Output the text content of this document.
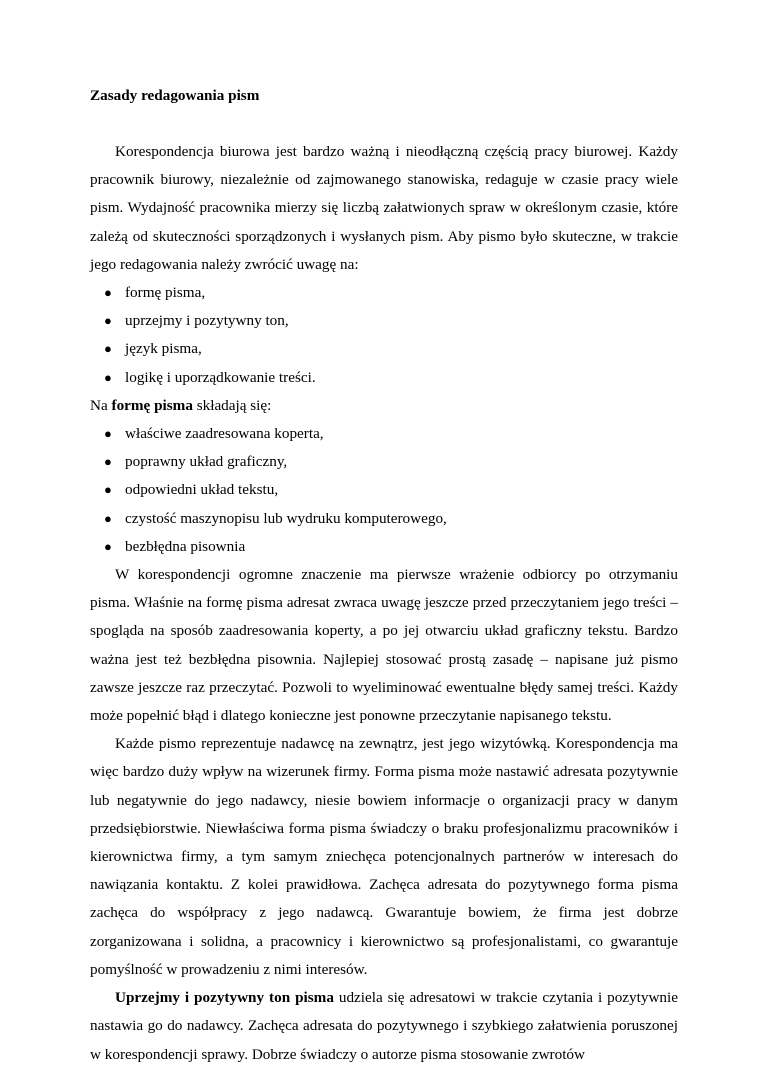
Zasady redagowania pism

Korespondencja biurowa jest bardzo ważną i nieodłączną częścią pracy biurowej. Każdy pracownik biurowy, niezależnie od zajmowanego stanowiska, redaguje w czasie pracy wiele pism. Wydajność pracownika mierzy się liczbą załatwionych spraw w określonym czasie, które zależą od skuteczności sporządzonych i wysłanych pism. Aby pismo było skuteczne, w trakcie jego redagowania należy zwrócić uwagę na:

● formę pisma,
● uprzejmy i pozytywny ton,
● język pisma,
● logikę i uporządkowanie treści.

Na formę pisma składają się:

● właściwe zaadresowana koperta,
● poprawny układ graficzny,
● odpowiedni układ tekstu,
● czystość maszynopisu lub wydruku komputerowego,
● bezbłędna pisownia

W korespondencji ogromne znaczenie ma pierwsze wrażenie odbiorcy po otrzymaniu pisma. Właśnie na formę pisma adresat zwraca uwagę jeszcze przed przeczytaniem jego treści – spogląda na sposób zaadresowania koperty, a po jej otwarciu układ graficzny tekstu. Bardzo ważna jest też bezbłędna pisownia. Najlepiej stosować prostą zasadę – napisane już pismo zawsze jeszcze raz przeczytać. Pozwoli to wyeliminować ewentualne błędy samej treści. Każdy może popełnić błąd i dlatego konieczne jest ponowne przeczytanie napisanego tekstu.

Każde pismo reprezentuje nadawcę na zewnątrz, jest jego wizytówką. Korespondencja ma więc bardzo duży wpływ na wizerunek firmy. Forma pisma może nastawić adresata pozytywnie lub negatywnie do jego nadawcy, niesie bowiem informacje o organizacji pracy w danym przedsiębiorstwie. Niewłaściwa forma pisma świadczy o braku profesjonalizmu pracowników i kierownictwa firmy, a tym samym zniechęca potencjonalnych partnerów w interesach do nawiązania kontaktu. Z kolei prawidłowa. Zachęca adresata do pozytywnego forma pisma zachęca do współpracy z jego nadawcą. Gwarantuje bowiem, że firma jest dobrze zorganizowana i solidna, a pracownicy i kierownictwo są profesjonalistami, co gwarantuje pomyślność w prowadzeniu z nimi interesów.

Uprzejmy i pozytywny ton pisma udziela się adresatowi w trakcie czytania i pozytywnie nastawia go do nadawcy. Zachęca adresata do pozytywnego i szybkiego załatwienia poruszonej w korespondencji sprawy. Dobrze świadczy o autorze pisma stosowanie zwrotów
